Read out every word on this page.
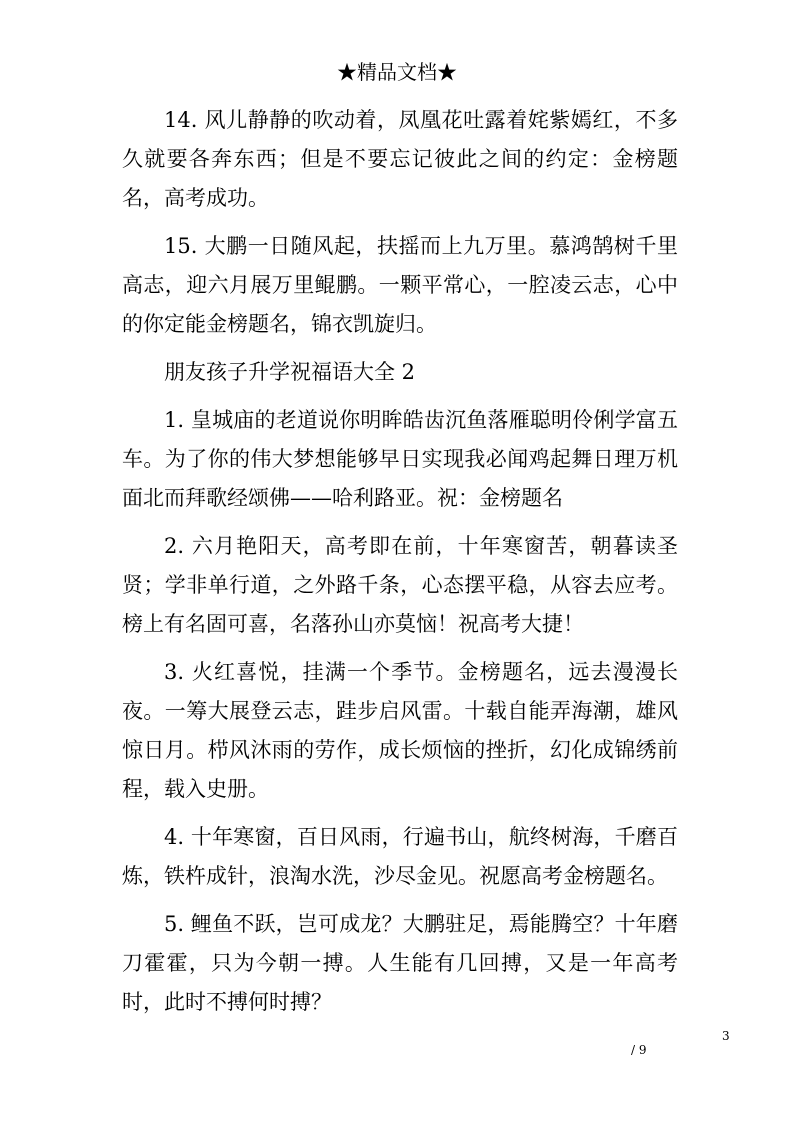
★精品文档★

14. 风儿静静的吹动着，凤凰花吐露着姹紫嫣红，不多久就要各奔东西；但是不要忘记彼此之间的约定：金榜题名，高考成功。

15. 大鹏一日随风起，扶摇而上九万里。慕鸿鹄树千里高志，迎六月展万里鲲鹏。一颗平常心，一腔凌云志，心中的你定能金榜题名，锦衣凯旋归。

朋友孩子升学祝福语大全 2

1. 皇城庙的老道说你明眸皓齿沉鱼落雁聪明伶俐学富五车。为了你的伟大梦想能够早日实现我必闻鸡起舞日理万机面北而拜歌经颂佛——哈利路亚。祝：金榜题名

2. 六月艳阳天，高考即在前，十年寒窗苦，朝暮读圣贤；学非单行道，之外路千条，心态摆平稳，从容去应考。榜上有名固可喜，名落孙山亦莫恼！祝高考大捷！

3. 火红喜悦，挂满一个季节。金榜题名，远去漫漫长夜。一筹大展登云志，跬步启风雷。十载自能弄海潮，雄风惊日月。栉风沐雨的劳作，成长烦恼的挫折，幻化成锦绣前程，载入史册。

4. 十年寒窗，百日风雨，行遍书山，航终树海，千磨百炼，铁杵成针，浪淘水洗，沙尽金见。祝愿高考金榜题名。

5. 鲤鱼不跃，岂可成龙？大鹏驻足，焉能腾空？十年磨刀霍霍，只为今朝一搏。人生能有几回搏，又是一年高考时，此时不搏何时搏？

3
/ 9
